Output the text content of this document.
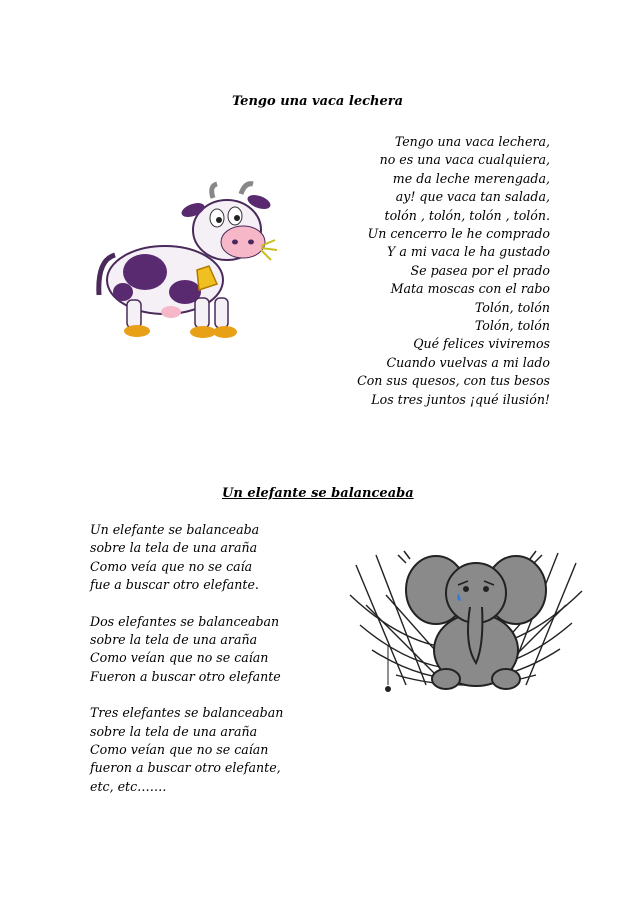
Tengo una vaca lechera
Tengo una vaca lechera,
no es una vaca cualquiera,
me da leche merengada,
ay! que vaca tan salada,
tolón , tolón, tolón , tolón.
Un cencerro le he comprado
Y a mi vaca le ha gustado
Se pasea por el prado
Mata moscas con el rabo
Tolón, tolón
Tolón, tolón
Qué felices viviremos
Cuando vuelvas a mi lado
Con sus quesos, con tus besos
Los tres juntos ¡qué ilusión!
Un elefante se balanceaba
Un elefante se balanceaba
sobre la tela de una araña
Como veía que no se caía
fue a buscar otro elefante.
Dos elefantes se balanceaban
sobre la tela de una araña
Como veían que no se caían
Fueron a buscar otro elefante
Tres elefantes se balanceaban
sobre la tela de una araña
Como veían que no se caían
fueron a buscar otro elefante,
etc, etc…….
